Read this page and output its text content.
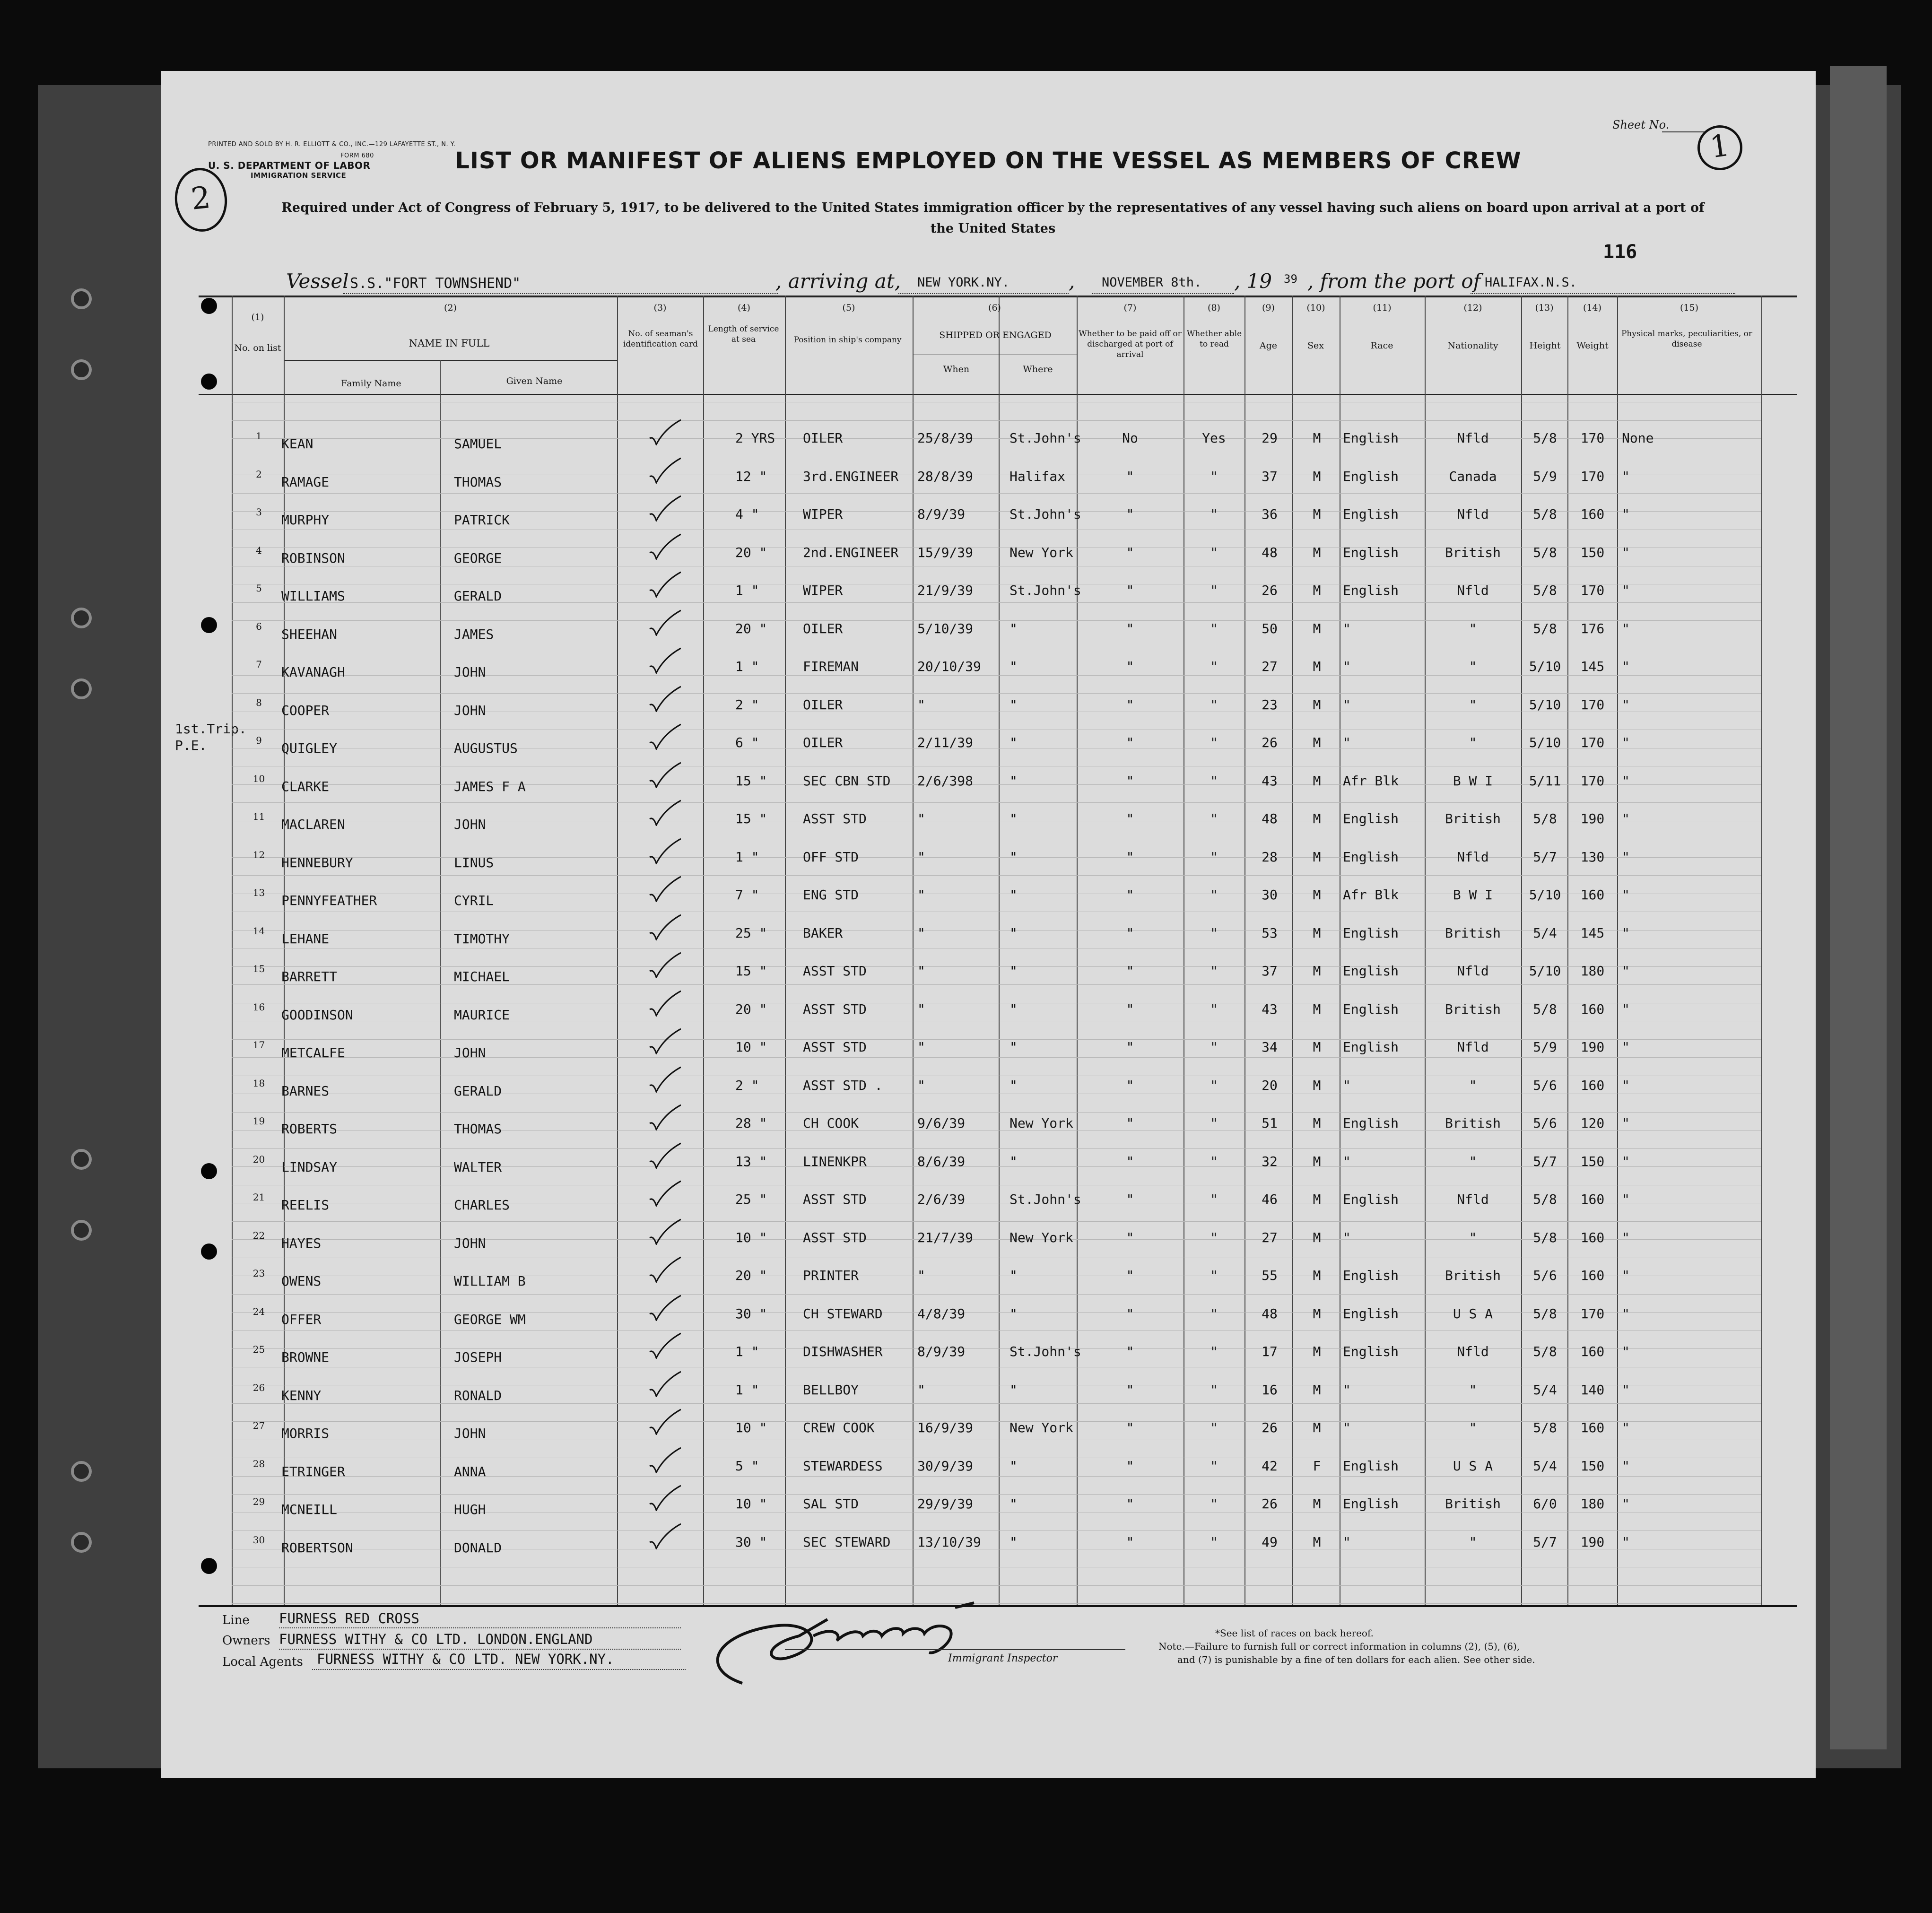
PRINTED AND SOLD BY H. R. ELLIOTT & CO., INC.—129 LAFAYETTE ST., N. Y.
FORM 680
U. S. DEPARTMENT OF LABOR
IMMIGRATION SERVICE
Sheet No.
1
2
LIST OR MANIFEST OF ALIENS EMPLOYED ON THE VESSEL AS MEMBERS OF CREW
Required under Act of Congress of February 5, 1917, to be delivered to the United States immigration officer by the representatives of any vessel having such aliens on board upon arrival at a port of the United States
Vessel S.S."FORT TOWNSHEND"	, arriving at, NEW YORK.NY.	, NOVEMBER 8th. , 19 39 , from the port of HALIFAX.N.S.
116
1st.Trip.
P.E.
No. on list	NAME IN FULL
Family Name	Given Name
No. of seaman's identification card
Length of service at sea	Position in ship's company	SHIPPED OR ENGAGED
When	Where
Whether to be paid off or discharged at port of arrival
Whether able to read	Age	Sex	Race	Nationality	Height	Weight
Physical marks, peculiarities, or disease
(1)
(2)	(3)	(4)	(5)	(6)	(7)	(8)	(9)	(10)	(11)	(12)	(13)	(14)	(15)
1	KEAN	SAMUEL	2 YRS OILER	25/8/39	St.John's	No	Yes	29	M	English	Nfld	5/8	170	None
2	RAMAGE	THOMAS	12 "	3rd.ENGINEER 28/8/39	Halifax	"	"	37	M	English	Canada	5/9	170	"
3	MURPHY	PATRICK	4 "	WIPER	8/9/39	St.John's	"	"	36	M	English	Nfld	5/8	160	"
4	ROBINSON	GEORGE	20 "	2nd.ENGINEER 15/9/39	New York	"	"	48	M	English	British	5/8	150	"
5	WILLIAMS	GERALD	1 "	WIPER	21/9/39	St.John's	"	"	26	M	English	Nfld	5/8	170	"
6	SHEEHAN	JAMES	20 "	OILER	5/10/39	"	"	"	50	M	"	"	5/8	176	"
7	KAVANAGH	JOHN	1 "	FIREMAN	20/10/39 "	"	"	27	M	"	"	5/10	145	"
8	COOPER	JOHN	2 "	OILER	"	"	"	"	23	M	"	"	5/10	170	"
9	QUIGLEY	AUGUSTUS	6 "	OILER	2/11/39	"	"	"	26	M	"	"	5/10	170	"
10	CLARKE	JAMES F A	15 "	SEC CBN STD 2/6/398	"	"	"	43	M	Afr Blk	B W I	5/11	170	"
11	MACLAREN	JOHN	15 "	ASST STD	"	"	"	"	48	M	English	British	5/8	190	"
12	HENNEBURY	LINUS	1 "	OFF STD	"	"	"	"	28	M	English	Nfld	5/7	130	"
13	PENNYFEATHER	CYRIL	7 "	ENG STD	"	"	"	"	30	M	Afr Blk	B W I	5/10	160	"
14	LEHANE	TIMOTHY	25 "	BAKER	"	"	"	"	53	M	English	British	5/4	145	"
15	BARRETT	MICHAEL	15 "	ASST STD	"	"	"	"	37	M	English	Nfld	5/10	180	"
16	GOODINSON	MAURICE	20 "	ASST STD	"	"	"	"	43	M	English	British	5/8	160	"
17	METCALFE	JOHN	10 "	ASST STD	"	"	"	"	34	M	English	Nfld	5/9	190	"
18	BARNES	GERALD	2 "	ASST STD .	"	"	"	"	20	M	"	"	5/6	160	"
19	ROBERTS	THOMAS	28 "	CH COOK	9/6/39	New York	"	"	51	M	English	British	5/6	120	"
20	LINDSAY	WALTER	13 "	LINENKPR	8/6/39	"	"	"	32	M	"	"	5/7	150	"
21	REELIS	CHARLES	25 "	ASST STD	2/6/39	St.John's	"	"	46	M	English	Nfld	5/8	160	"
22	HAYES	JOHN	10 "	ASST STD	21/7/39	New York	"	"	27	M	"	"	5/8	160	"
23	OWENS	WILLIAM B	20 "	PRINTER	"	"	"	"	55	M	English	British	5/6	160	"
24	OFFER	GEORGE WM	30 "	CH STEWARD	4/8/39	"	"	"	48	M	English	U S A	5/8	170	"
25	BROWNE	JOSEPH	1 "	DISHWASHER	8/9/39	St.John's	"	"	17	M	English	Nfld	5/8	160	"
26	KENNY	RONALD	1 "	BELLBOY	"	"	"	"	16	M	"	"	5/4	140	"
27	MORRIS	JOHN	10 "	CREW COOK	16/9/39	New York	"	"	26	M	"	"	5/8	160	"
28	ETRINGER	ANNA	5 "	STEWARDESS	30/9/39	"	"	"	42	F	English	U S A	5/4	150	"
29	MCNEILL	HUGH	10 "	SAL STD	29/9/39	"	"	"	26	M	English	British	6/0	180	"
30	ROBERTSON	DONALD	30 "	SEC STEWARD 13/10/39 "	"	"	49	M	"	"	5/7	190	"
Line FURNESS RED CROSS
Owners FURNESS WITHY & CO LTD. LONDON.ENGLAND
Local Agents FURNESS WITHY & CO LTD. NEW YORK.NY.	Immigrant Inspector
*See list of races on back hereof.
Note.—Failure to furnish full or correct information in columns (2), (5), (6),
and (7) is punishable by a fine of ten dollars for each alien. See other side.
